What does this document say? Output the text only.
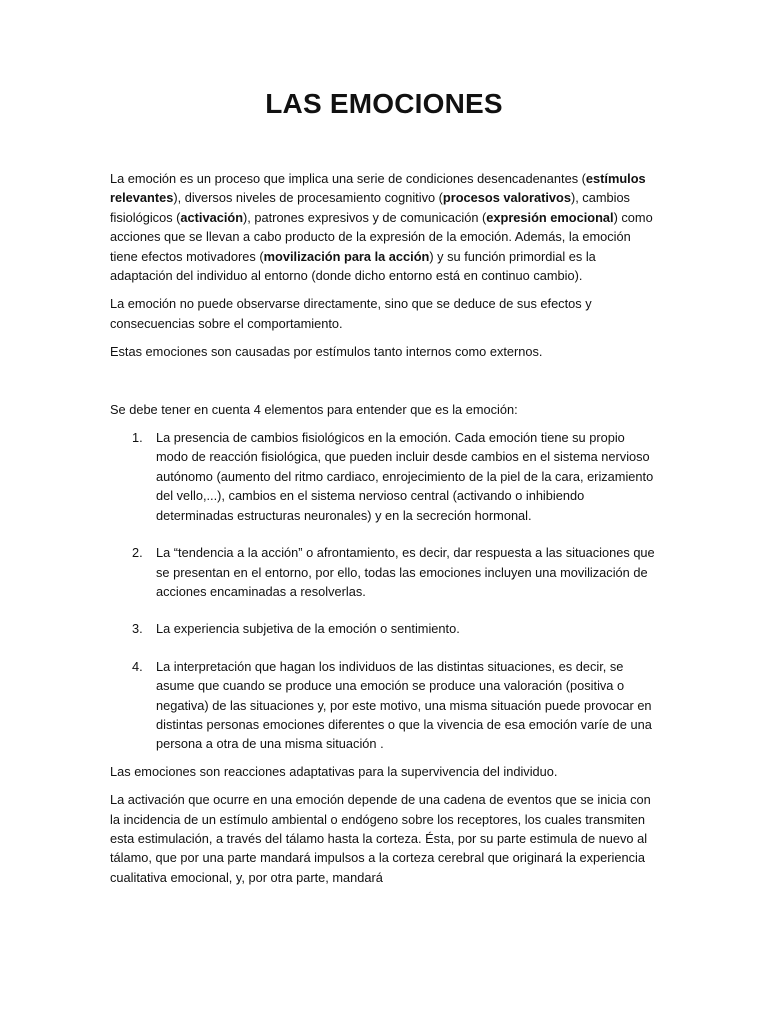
LAS EMOCIONES

La emoción es un proceso que implica una serie de condiciones desencadenantes (estímulos relevantes), diversos niveles de procesamiento cognitivo (procesos valorativos), cambios fisiológicos (activación), patrones expresivos y de comunicación (expresión emocional) como acciones que se llevan a cabo producto de la expresión de la emoción. Además, la emoción tiene efectos motivadores (movilización para la acción) y su función primordial es la adaptación del individuo al entorno (donde dicho entorno está en continuo cambio).

La emoción no puede observarse directamente, sino que se deduce de sus efectos y consecuencias sobre el comportamiento.

Estas emociones son causadas por estímulos tanto internos como externos.

Se debe tener en cuenta 4 elementos para entender que es la emoción:

1. La presencia de cambios fisiológicos en la emoción. Cada emoción tiene su propio modo de reacción fisiológica, que pueden incluir desde cambios en el sistema nervioso autónomo (aumento del ritmo cardiaco, enrojecimiento de la piel de la cara, erizamiento del vello,...), cambios en el sistema nervioso central (activando o inhibiendo determinadas estructuras neuronales) y en la secreción hormonal.
2. La “tendencia a la acción” o afrontamiento, es decir, dar respuesta a las situaciones que se presentan en el entorno, por ello, todas las emociones incluyen una movilización de acciones encaminadas a resolverlas.
3. La experiencia subjetiva de la emoción o sentimiento.
4. La interpretación que hagan los individuos de las distintas situaciones, es decir, se asume que cuando se produce una emoción se produce una valoración (positiva o negativa) de las situaciones y, por este motivo, una misma situación puede provocar en distintas personas emociones diferentes o que la vivencia de esa emoción varíe de una persona a otra de una misma situación .

Las emociones son reacciones adaptativas para la supervivencia del individuo.

La activación que ocurre en una emoción depende de una cadena de eventos que se inicia con la incidencia de un estímulo ambiental o endógeno sobre los receptores, los cuales transmiten esta estimulación, a través del tálamo hasta la corteza. Ésta, por su parte estimula de nuevo al tálamo, que por una parte mandará impulsos a la corteza cerebral que originará la experiencia cualitativa emocional, y, por otra parte, mandará
